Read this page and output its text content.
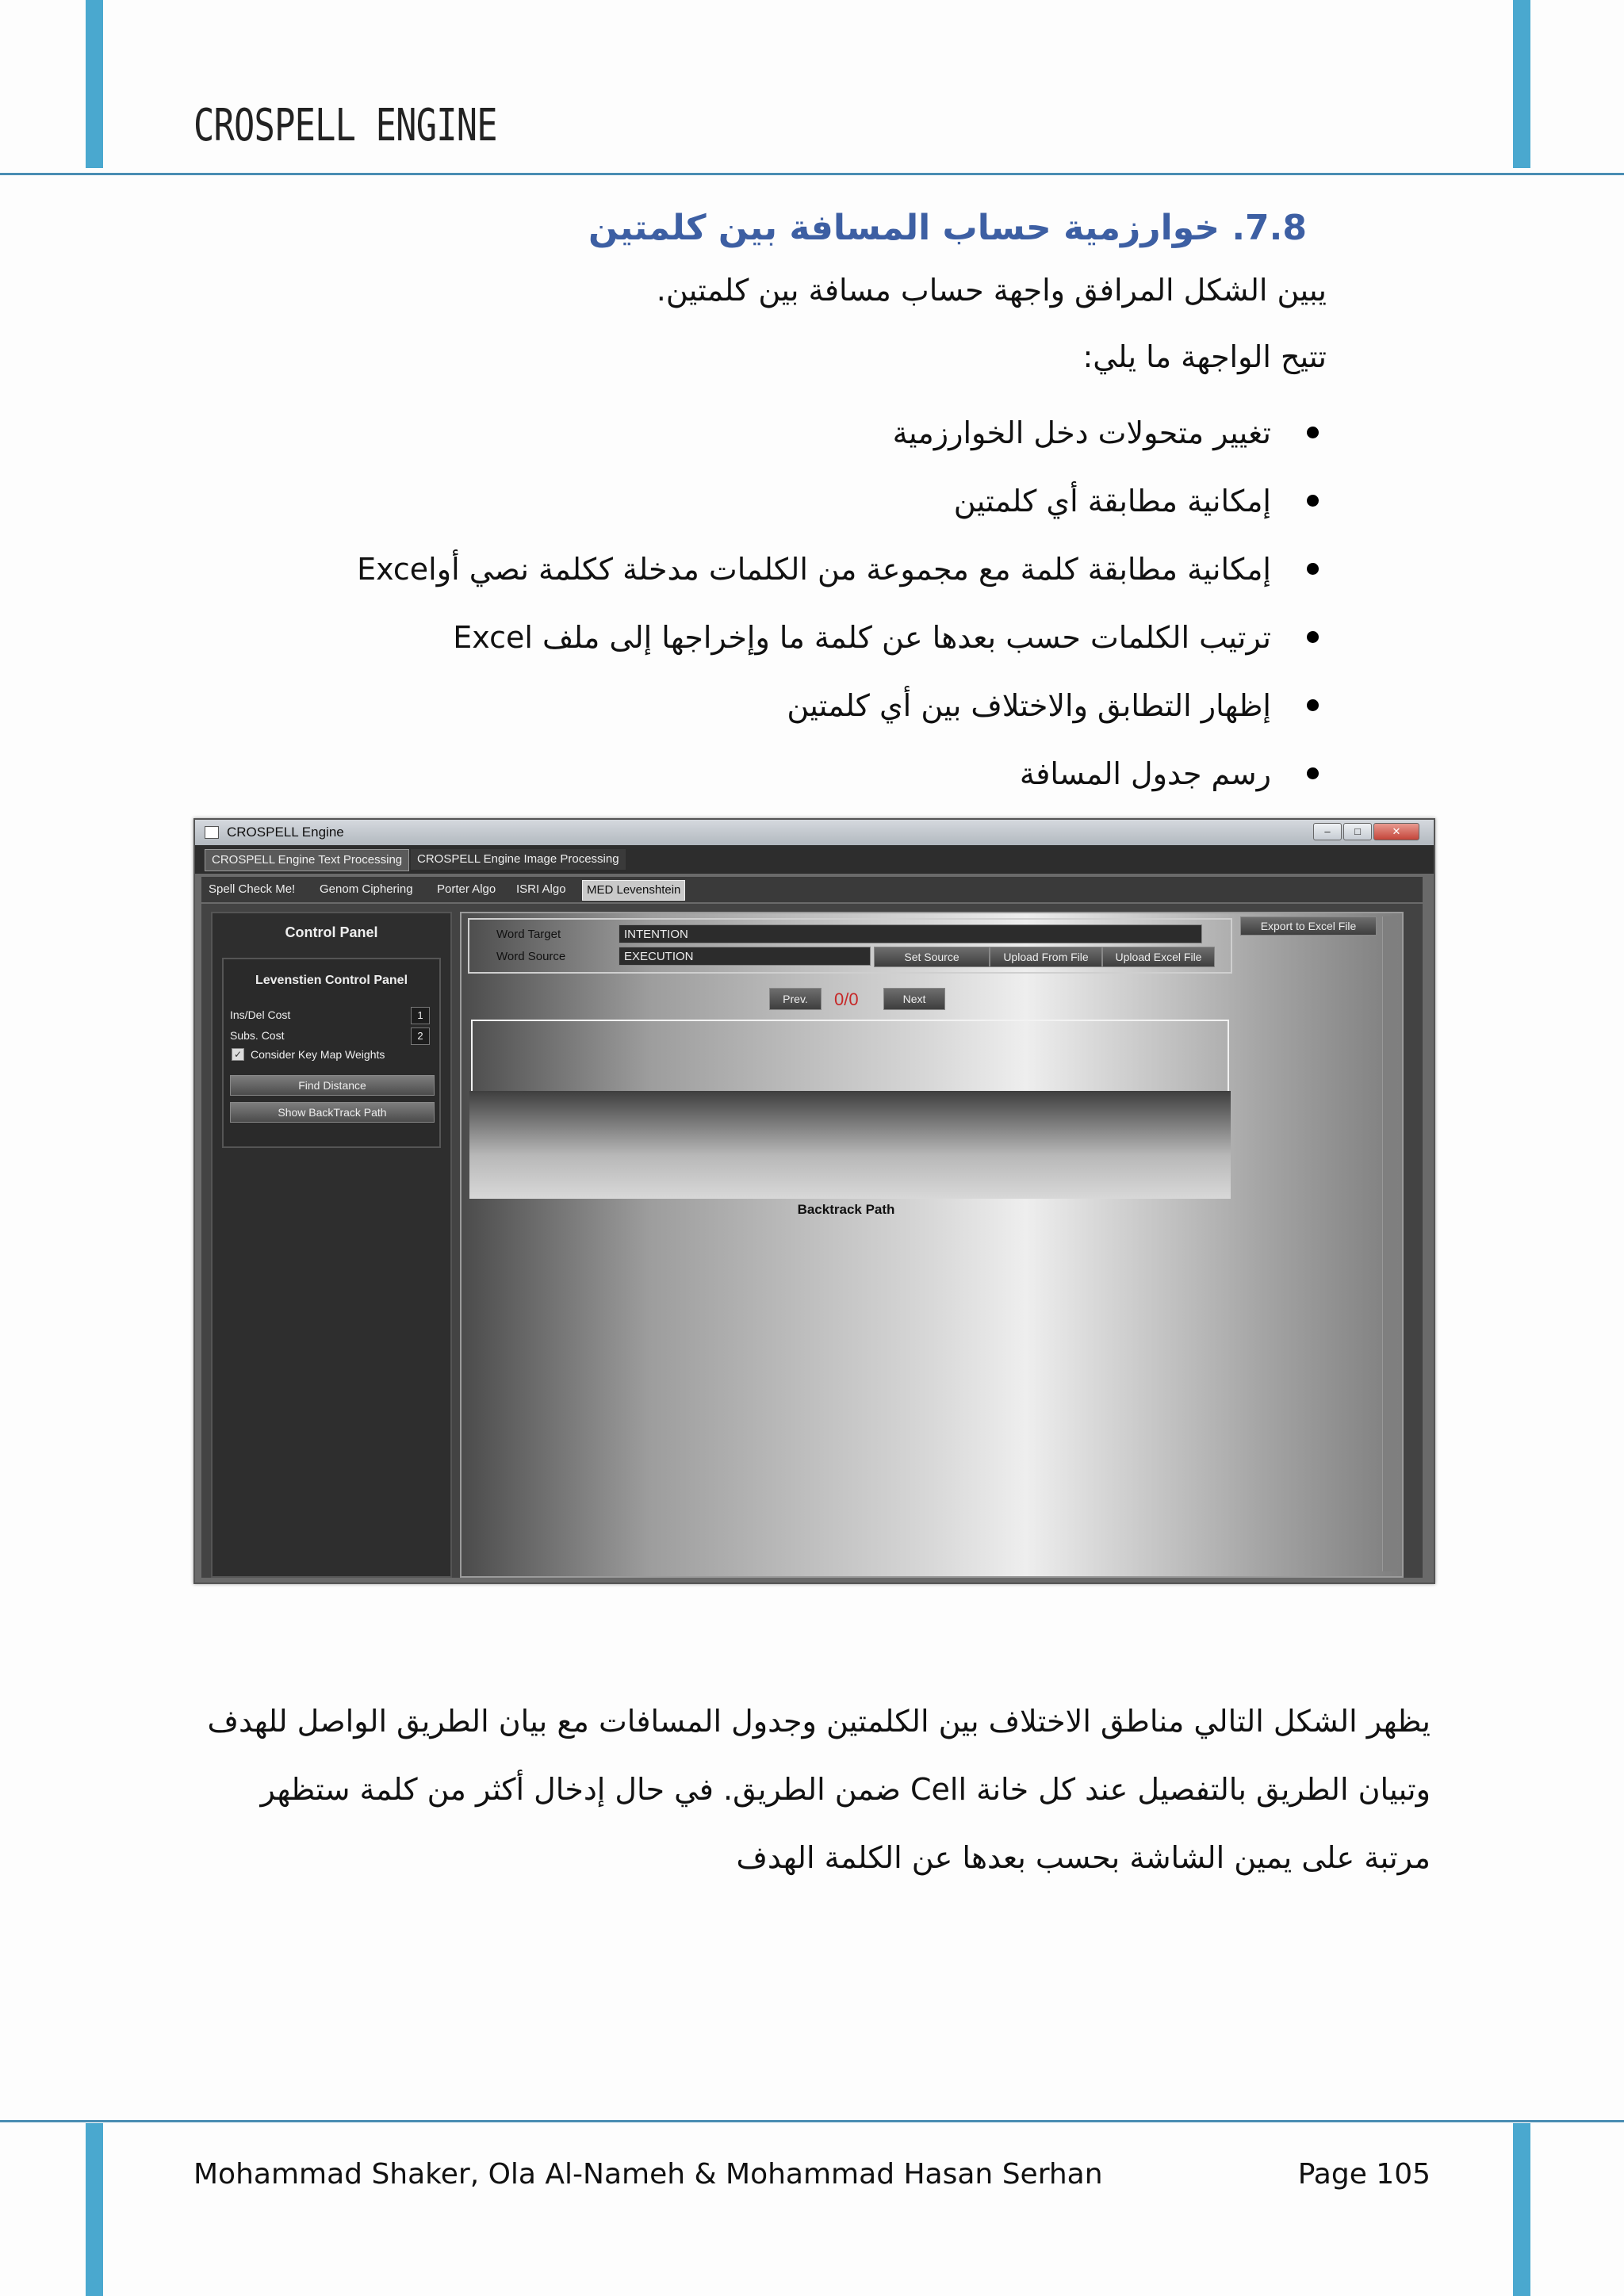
CROSPELL ENGINE
7.8. خوارزمية حساب المسافة بين كلمتين
يبين الشكل المرافق واجهة حساب مسافة بين كلمتين.
تتيح الواجهة ما يلي:
تغيير متحولات دخل الخوارزمية
إمكانية مطابقة أي كلمتين
إمكانية مطابقة كلمة مع مجموعة من الكلمات مدخلة ككلمة نصي أوExcel
ترتيب الكلمات حسب بعدها عن كلمة ما وإخراجها إلى ملف Excel
إظهار التطابق والاختلاف بين أي كلمتين
رسم جدول المسافة
CROSPELL Engine	–	□	✕
CROSPELL Engine Text Processing	CROSPELL Engine Image Processing
Spell Check Me!	Genom Ciphering	Porter Algo	ISRI Algo	MED Levenshtein
Control Panel
Levenstien Control Panel
Ins/Del Cost	1
Subs. Cost	2
✓ Consider Key Map Weights
Find Distance
Show BackTrack Path
Word Target	INTENTION
Word Source	EXECUTION	Set Source	Upload From File	Upload Excel File
Export to Excel File
Prev.	0/0	Next
Backtrack Path
يظهر الشكل التالي مناطق الاختلاف بين الكلمتين وجدول المسافات مع بيان الطريق الواصل للهدف وتبيان الطريق بالتفصيل عند كل خانة Cell ضمن الطريق. في حال إدخال أكثر من كلمة ستظهر مرتبة على يمين الشاشة بحسب بعدها عن الكلمة الهدف
Mohammad Shaker, Ola Al-Nameh & Mohammad Hasan Serhan	Page 105
